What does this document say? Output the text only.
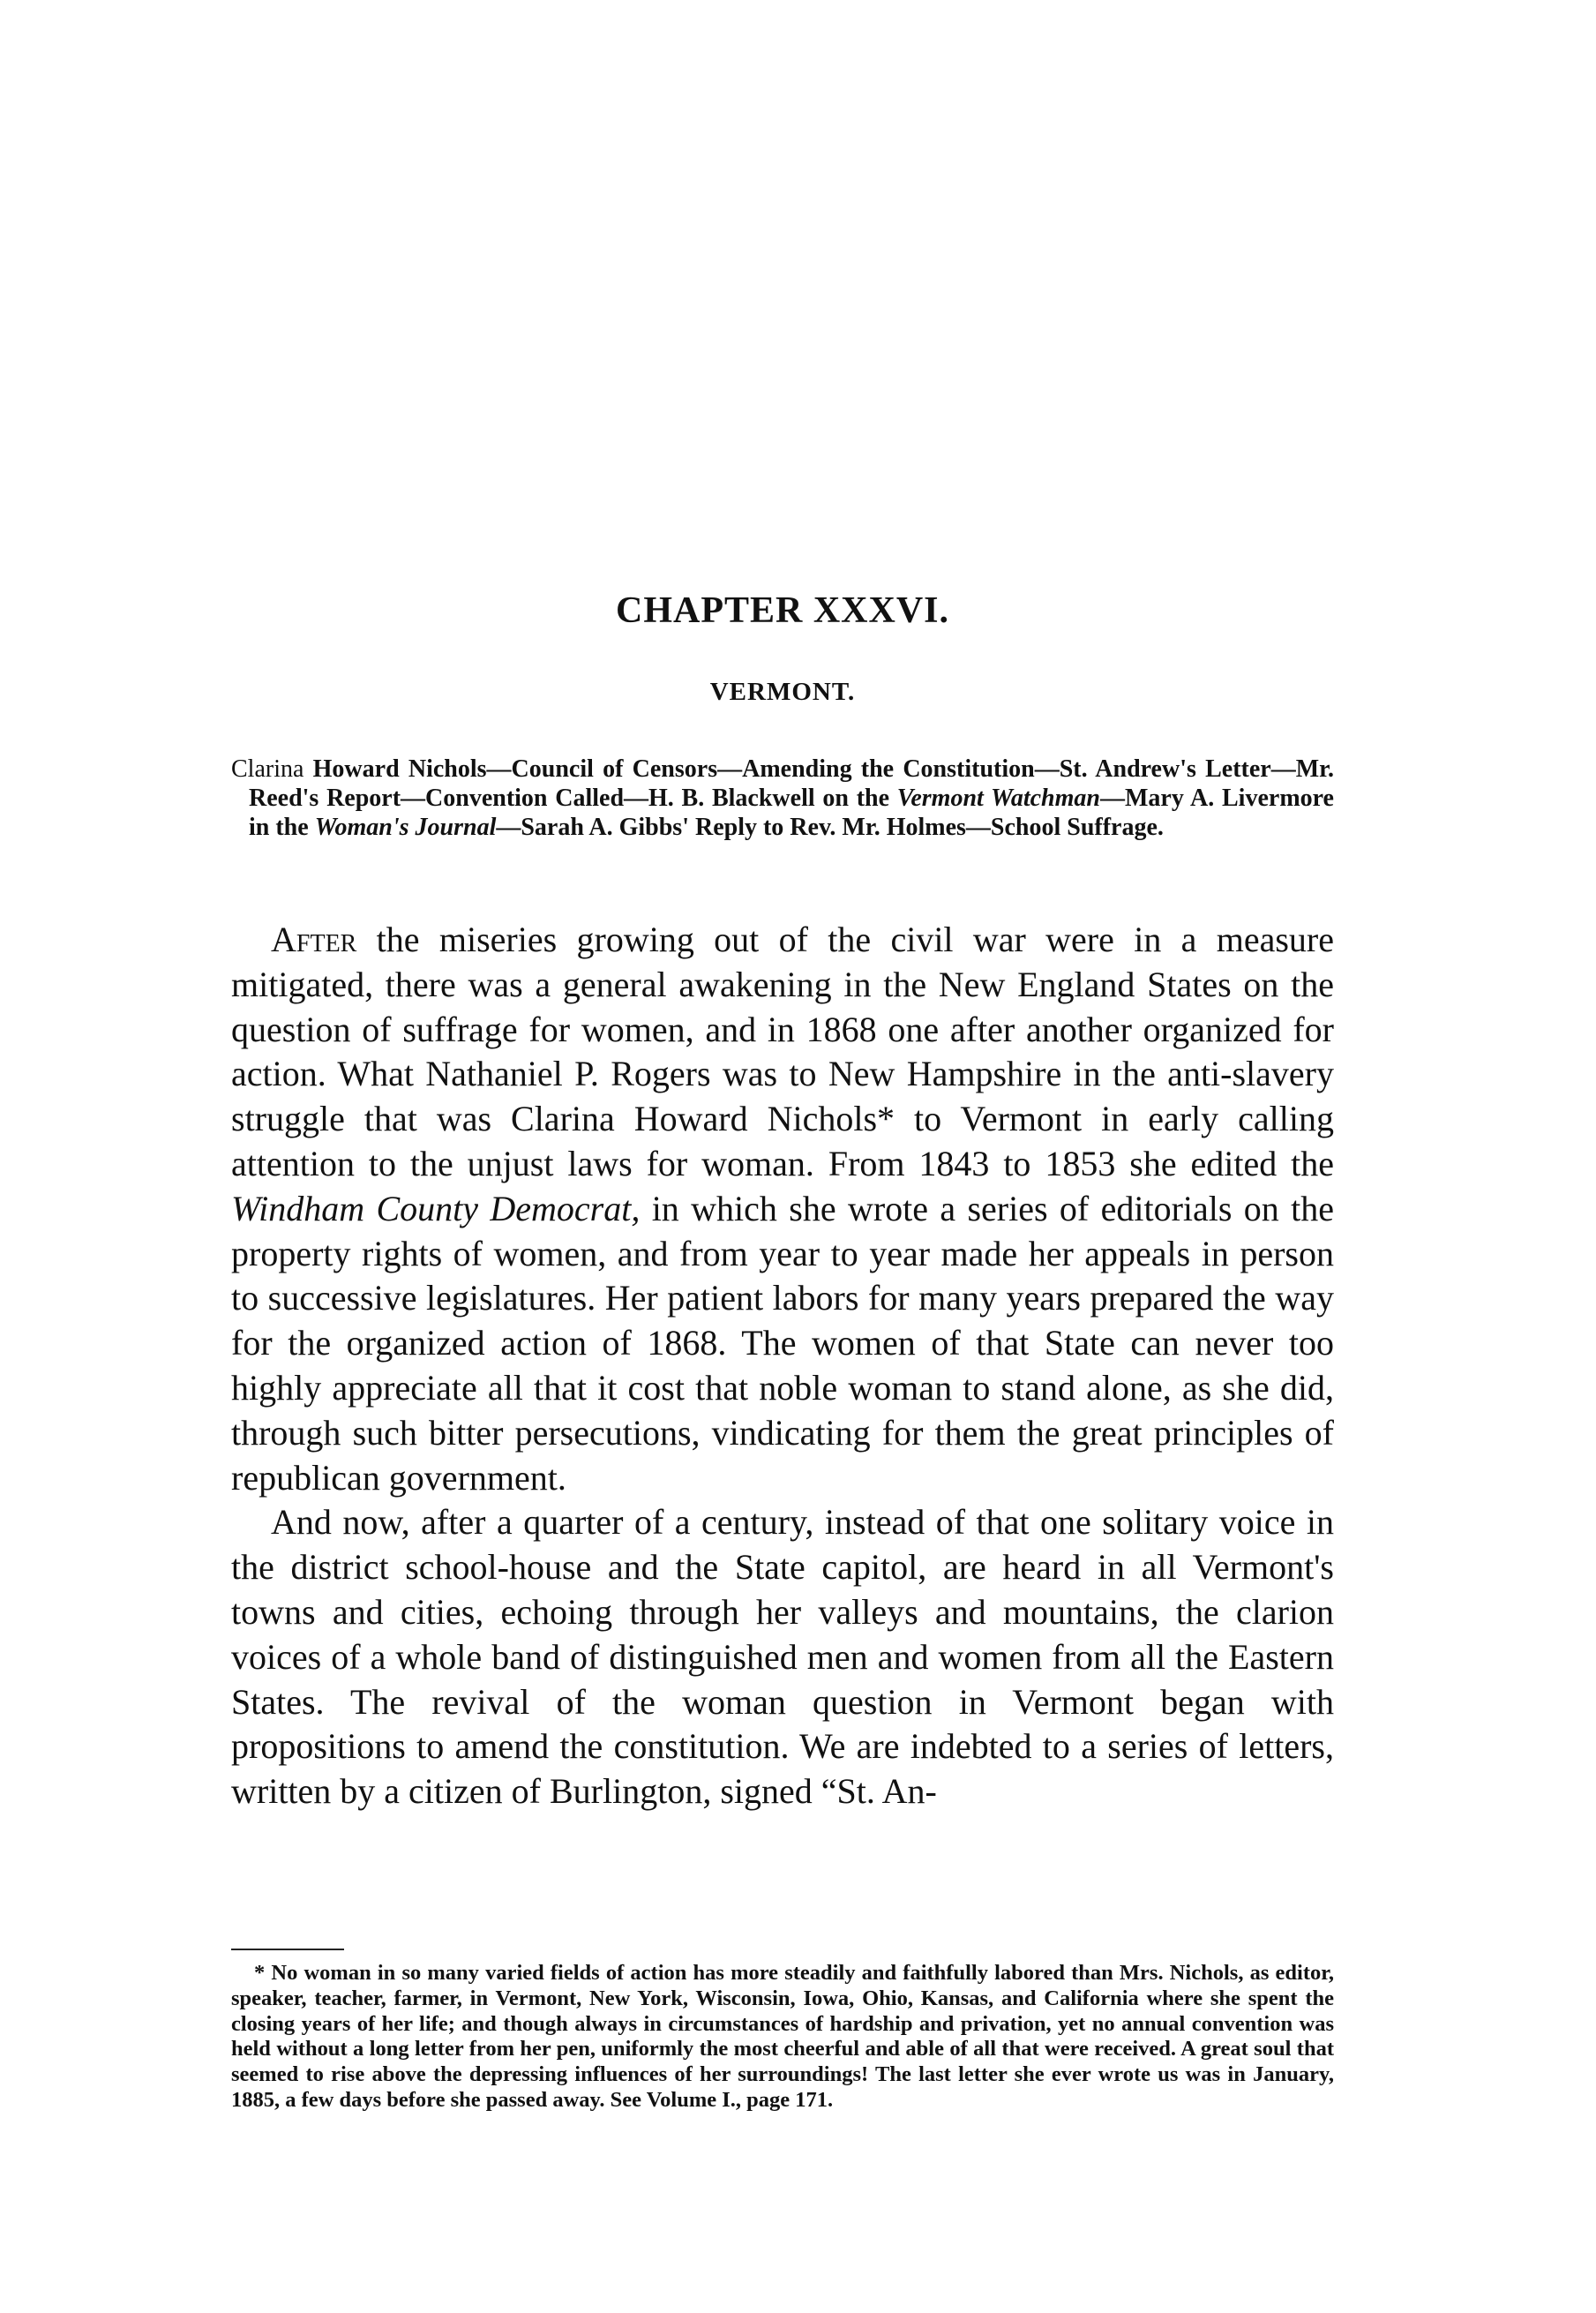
CHAPTER XXXVI.
VERMONT.

Clarina Howard Nichols—Council of Censors—Amending the Constitution—St. Andrew's Letter—Mr. Reed's Report—Convention Called—H. B. Blackwell on the Vermont Watchman—Mary A. Livermore in the Woman's Journal—Sarah A. Gibbs' Reply to Rev. Mr. Holmes—School Suffrage.

After the miseries growing out of the civil war were in a measure mitigated, there was a general awakening in the New England States on the question of suffrage for women, and in 1868 one after another organized for action. What Nathaniel P. Rogers was to New Hampshire in the anti-slavery struggle that was Clarina Howard Nichols* to Vermont in early calling attention to the unjust laws for woman. From 1843 to 1853 she edited the Windham County Democrat, in which she wrote a series of editorials on the property rights of women, and from year to year made her appeals in person to successive legislatures. Her patient labors for many years prepared the way for the organized action of 1868. The women of that State can never too highly appreciate all that it cost that noble woman to stand alone, as she did, through such bitter persecutions, vindicating for them the great principles of republican government.

And now, after a quarter of a century, instead of that one solitary voice in the district school-house and the State capitol, are heard in all Vermont's towns and cities, echoing through her valleys and mountains, the clarion voices of a whole band of distinguished men and women from all the Eastern States. The revival of the woman question in Vermont began with propositions to amend the constitution. We are indebted to a series of letters, written by a citizen of Burlington, signed “St. An-

* No woman in so many varied fields of action has more steadily and faithfully labored than Mrs. Nichols, as editor, speaker, teacher, farmer, in Vermont, New York, Wisconsin, Iowa, Ohio, Kansas, and California where she spent the closing years of her life; and though always in circumstances of hardship and privation, yet no annual convention was held without a long letter from her pen, uniformly the most cheerful and able of all that were received. A great soul that seemed to rise above the depressing influences of her surroundings! The last letter she ever wrote us was in January, 1885, a few days before she passed away. See Volume I., page 171.
